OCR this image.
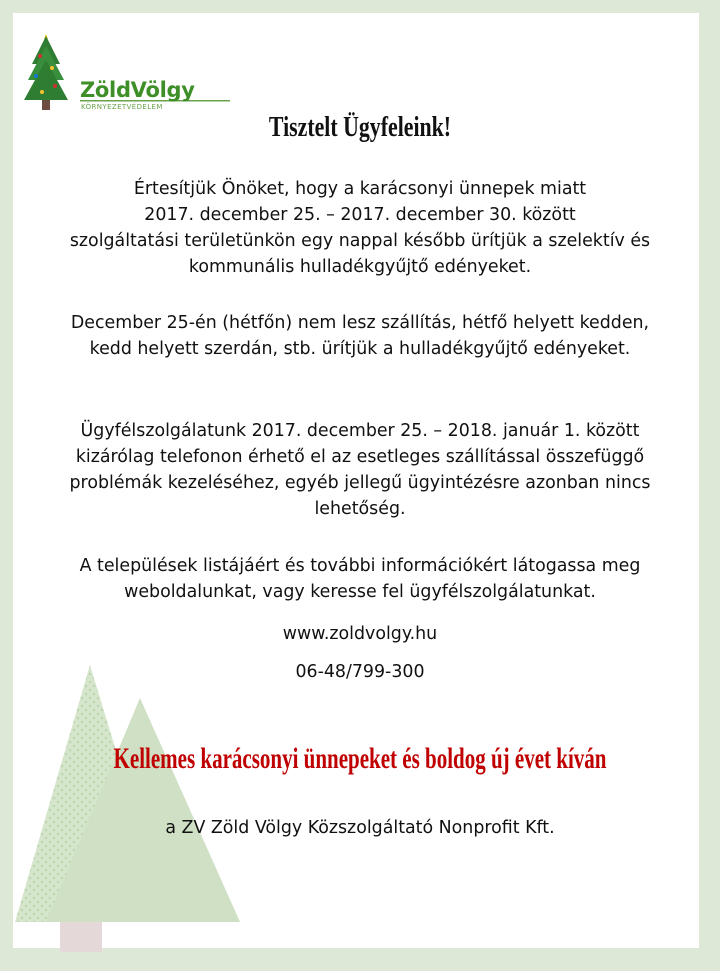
ZöldVölgy
KÖRNYEZETVÉDELEM
Tisztelt Ügyfeleink!
Értesítjük Önöket, hogy a karácsonyi ünnepek miatt
2017. december 25. – 2017. december 30. között
szolgáltatási területünkön egy nappal később ürítjük a szelektív és
kommunális hulladékgyűjtő edényeket.
December 25-én (hétfőn) nem lesz szállítás, hétfő helyett kedden,
kedd helyett szerdán, stb. ürítjük a hulladékgyűjtő edényeket.
Ügyfélszolgálatunk 2017. december 25. – 2018. január 1. között
kizárólag telefonon érhető el az esetleges szállítással összefüggő
problémák kezeléséhez, egyéb jellegű ügyintézésre azonban nincs
lehetőség.
A települések listájáért és további információkért látogassa meg
weboldalunkat, vagy keresse fel ügyfélszolgálatunkat.
www.zoldvolgy.hu
06-48/799-300
Kellemes karácsonyi ünnepeket és boldog új évet kíván
a ZV Zöld Völgy Közszolgáltató Nonprofit Kft.
